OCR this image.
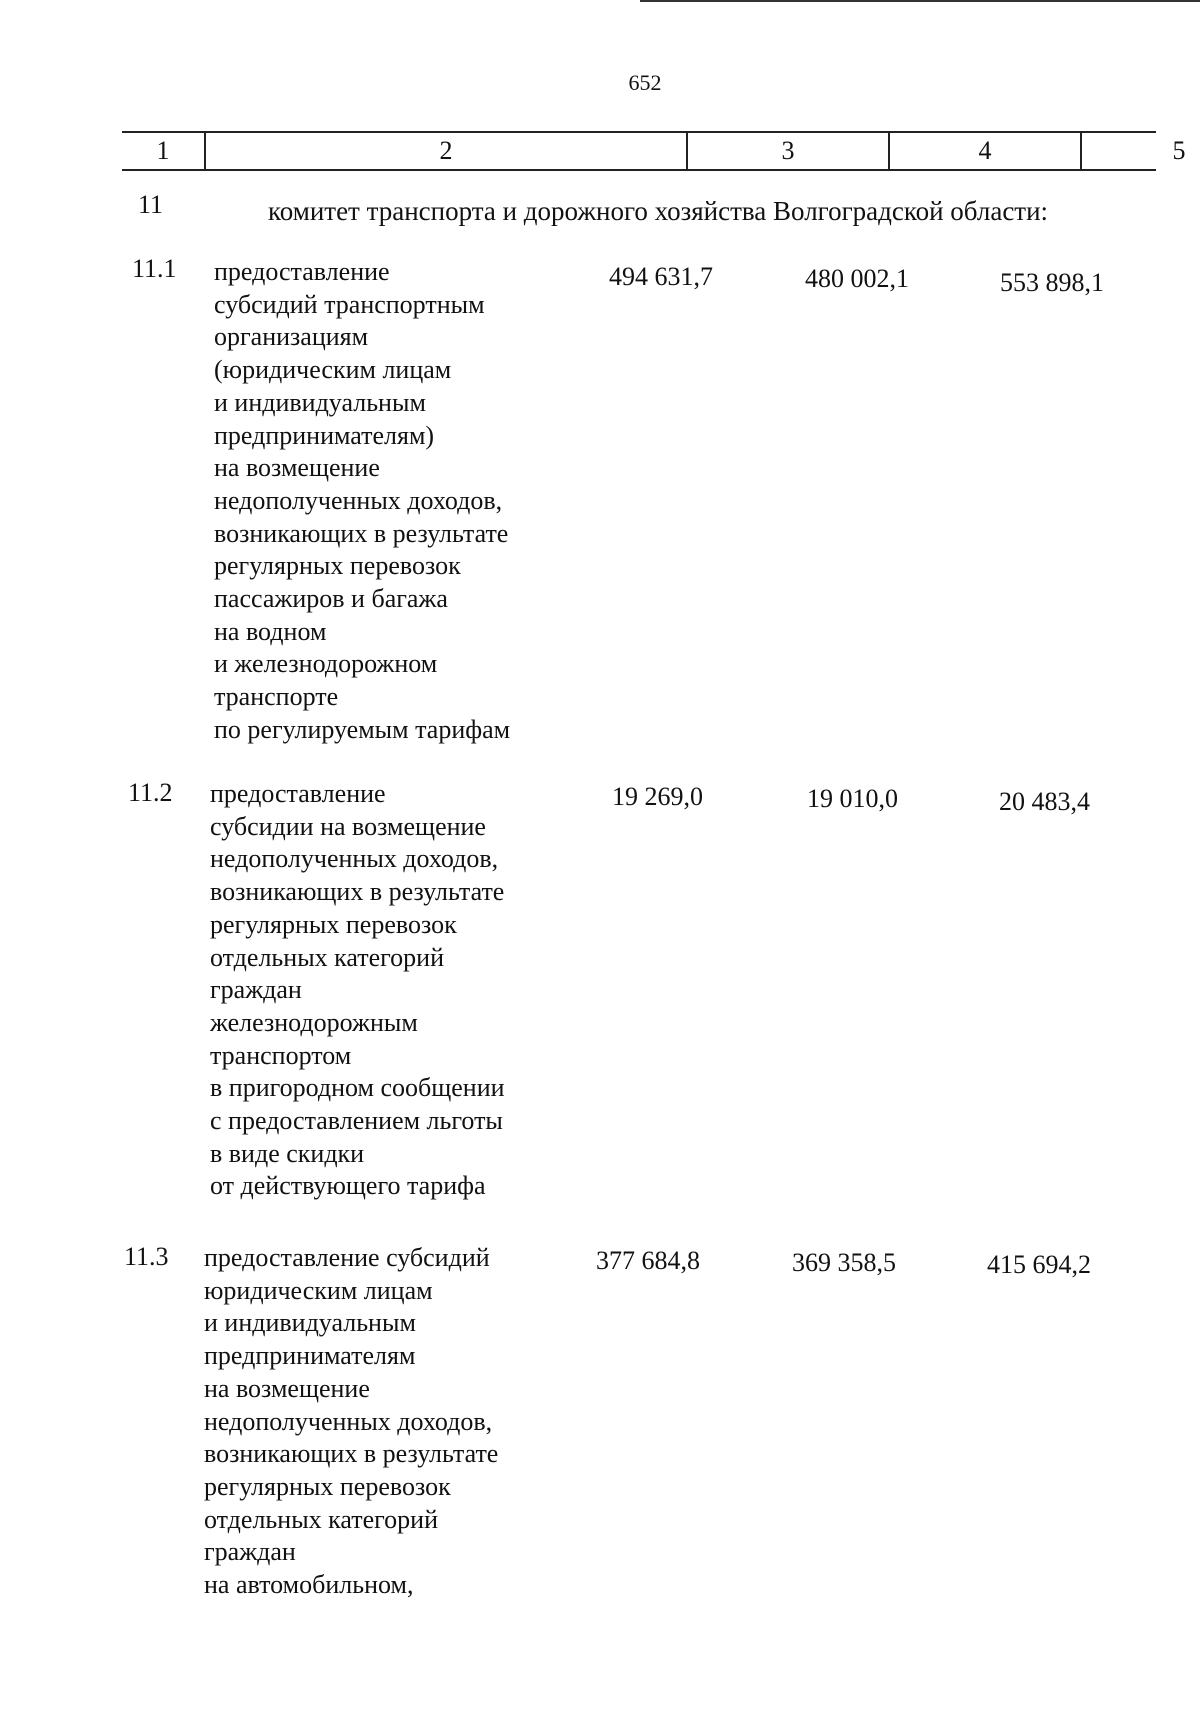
652
1	2	3	4	5
11	комитет транспорта и дорожного хозяйства Волгоградской области:
11.1 предоставление
субсидий транспортным
организациям
(юридическим лицам
и индивидуальным
предпринимателям)
на возмещение
недополученных доходов,
возникающих в результате
регулярных перевозок
пассажиров и багажа
на водном
и железнодорожном
транспорте
по регулируемым тарифам
494 631,7	480 002,1	553 898,1
11.2 предоставление
субсидии на возмещение
недополученных доходов,
возникающих в результате
регулярных перевозок
отдельных категорий
граждан
железнодорожным
транспортом
в пригородном сообщении
с предоставлением льготы
в виде скидки
от действующего тарифа
19 269,0	19 010,0	20 483,4
11.3 предоставление субсидий
юридическим лицам
и индивидуальным
предпринимателям
на возмещение
недополученных доходов,
возникающих в результате
регулярных перевозок
отдельных категорий
граждан
на автомобильном,
377 684,8	369 358,5	415 694,2
